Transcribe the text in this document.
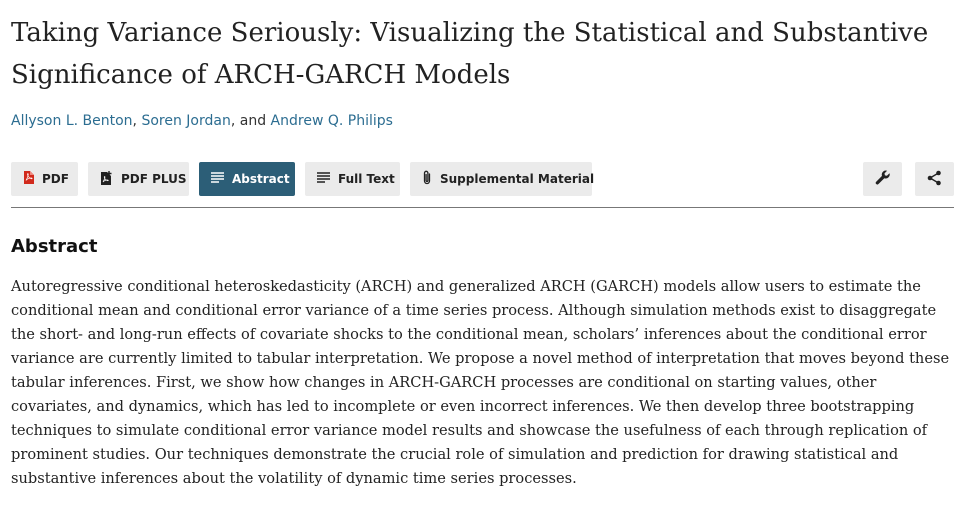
Taking Variance Seriously: Visualizing the Statistical and Substantive Significance of ARCH-GARCH Models

Allyson L. Benton, Soren Jordan, and Andrew Q. Philips

PDF	PDF PLUS	Abstract	Full Text	Supplemental Material
Abstract

Autoregressive conditional heteroskedasticity (ARCH) and generalized ARCH (GARCH) models allow users to estimate the conditional mean and conditional error variance of a time series process. Although simulation methods exist to disaggregate the short- and long-run effects of covariate shocks to the conditional mean, scholars’ inferences about the conditional error variance are currently limited to tabular interpretation. We propose a novel method of interpretation that moves beyond these tabular inferences. First, we show how changes in ARCH-GARCH processes are conditional on starting values, other covariates, and dynamics, which has led to incomplete or even incorrect inferences. We then develop three bootstrapping techniques to simulate conditional error variance model results and showcase the usefulness of each through replication of prominent studies. Our techniques demonstrate the crucial role of simulation and prediction for drawing statistical and substantive inferences about the volatility of dynamic time series processes.
